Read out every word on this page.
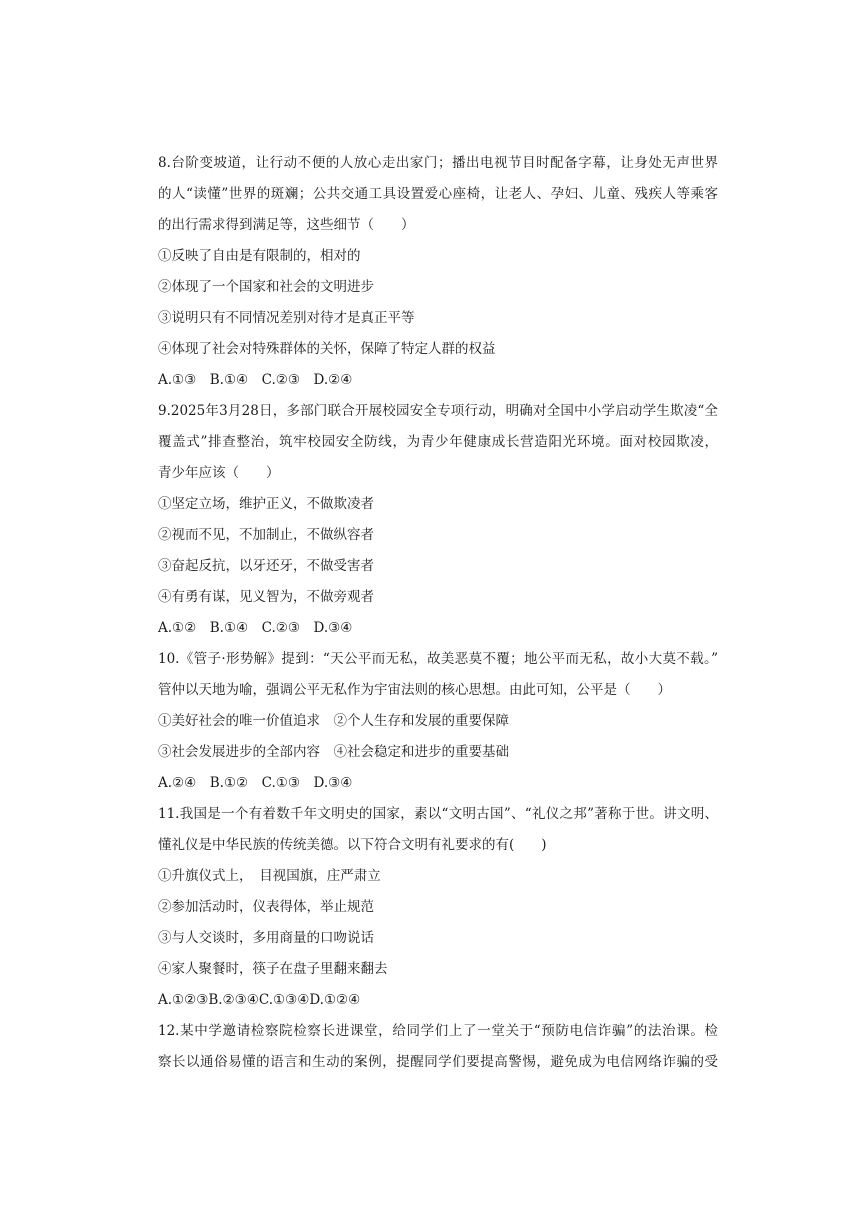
8.台阶变坡道，让行动不便的人放心走出家门；播出电视节目时配备字幕，让身处无声世界
的人“读懂”世界的斑斓；公共交通工具设置爱心座椅，让老人、孕妇、儿童、残疾人等乘客
的出行需求得到满足等，这些细节（　　）
①反映了自由是有限制的，相对的
②体现了一个国家和社会的文明进步
③说明只有不同情况差别对待才是真正平等
④体现了社会对特殊群体的关怀，保障了特定人群的权益
A.①③　B.①④　C.②③　D.②④
9.2025年3月28日，多部门联合开展校园安全专项行动，明确对全国中小学启动学生欺凌“全
覆盖式”排查整治，筑牢校园安全防线，为青少年健康成长营造阳光环境。面对校园欺凌，
青少年应该（　　）
①坚定立场，维护正义，不做欺凌者
②视而不见，不加制止，不做纵容者
③奋起反抗，以牙还牙，不做受害者
④有勇有谋，见义智为，不做旁观者
A.①②　B.①④　C.②③　D.③④
10.《管子·形势解》提到：“天公平而无私，故美恶莫不覆；地公平而无私，故小大莫不载。”
管仲以天地为喻，强调公平无私作为宇宙法则的核心思想。由此可知，公平是（　　）
①美好社会的唯一价值追求　②个人生存和发展的重要保障
③社会发展进步的全部内容　④社会稳定和进步的重要基础
A.②④　B.①②　C.①③　D.③④
11.我国是一个有着数千年文明史的国家，素以“文明古国”、“礼仪之邦”著称于世。讲文明、
懂礼仪是中华民族的传统美德。以下符合文明有礼要求的有(　　)
①升旗仪式上，　目视国旗，庄严肃立
②参加活动时，仪表得体，举止规范
③与人交谈时，多用商量的口吻说话
④家人聚餐时，筷子在盘子里翻来翻去
A.①②③B.②③④C.①③④D.①②④
12.某中学邀请检察院检察长进课堂，给同学们上了一堂关于“预防电信诈骗”的法治课。检
察长以通俗易懂的语言和生动的案例，提醒同学们要提高警惕，避免成为电信网络诈骗的受
